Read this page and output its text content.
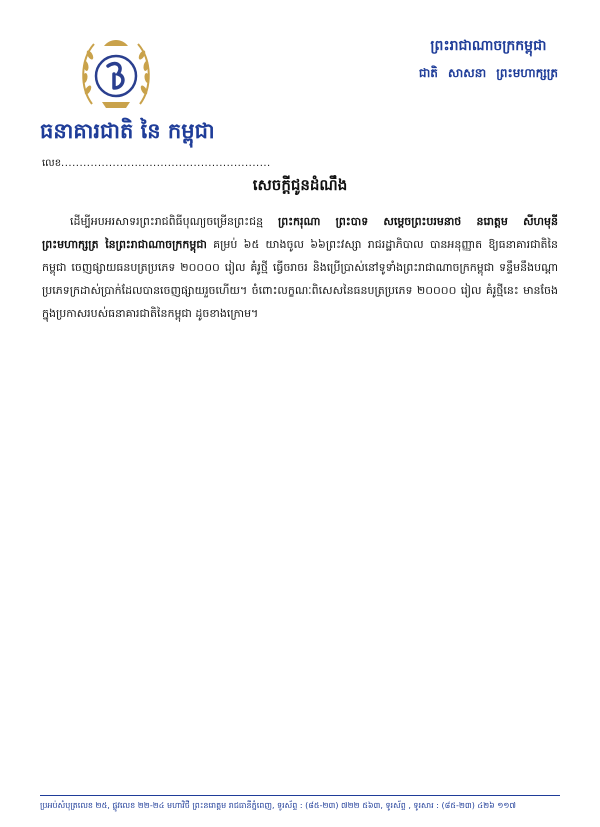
ធនាគារជាតិ នៃ កម្ពុជា
ព្រះរាជាណាចក្រកម្ពុជា
ជាតិ សាសនា ព្រះមហាក្សត្រ
លេខ.........................................................
សេចក្តីជូនដំណឹង
ដើម្បីអបអរសាទរព្រះរាជពិធីបុណ្យចម្រើនព្រះជន្ម ព្រះករុណា ព្រះបាទ សម្តេចព្រះបរមនាថ នរោត្តម សីហមុនី ព្រះមហាក្សត្រ នៃព្រះរាជាណាចក្រកម្ពុជា គម្រប់ ៦៥ យាងចូល ៦៦ព្រះវស្សា រាជរដ្ឋាភិបាល បានអនុញ្ញាត ឱ្យធនាគារជាតិនៃកម្ពុជា ចេញផ្សាយធនបត្រប្រភេទ ២០០០០ រៀល គំរូថ្មី ធ្វើចរាចរ និងប្រើប្រាស់នៅទូទាំងព្រះរាជាណាចក្រកម្ពុជា ទន្ទឹមនឹងបណ្តាប្រភេទក្រដាស់ប្រាក់ដែលបានចេញផ្សាយរួចហើយ។ ចំពោះលក្ខណៈពិសេសនៃធនបត្រប្រភេទ ២០០០០ រៀល គំរូថ្មីនេះ មានចែងក្នុងប្រកាសរបស់ធនាគារជាតិនៃកម្ពុជា ដូចខាងក្រោម។
ប្រអប់សំបុត្រលេខ ២៥, ផ្លូវលេខ ២២-២៤ មហាវិថី ព្រះនរោត្តម រាជធានីភ្នំពេញ, ទូរស័ព្ទ : (៨៥-២៣) ៧២២ ៥៦៣, ទូរស័ព្ទ , ទូរសារ : (៨៥-២៣) ៤២៦ ១១៧
